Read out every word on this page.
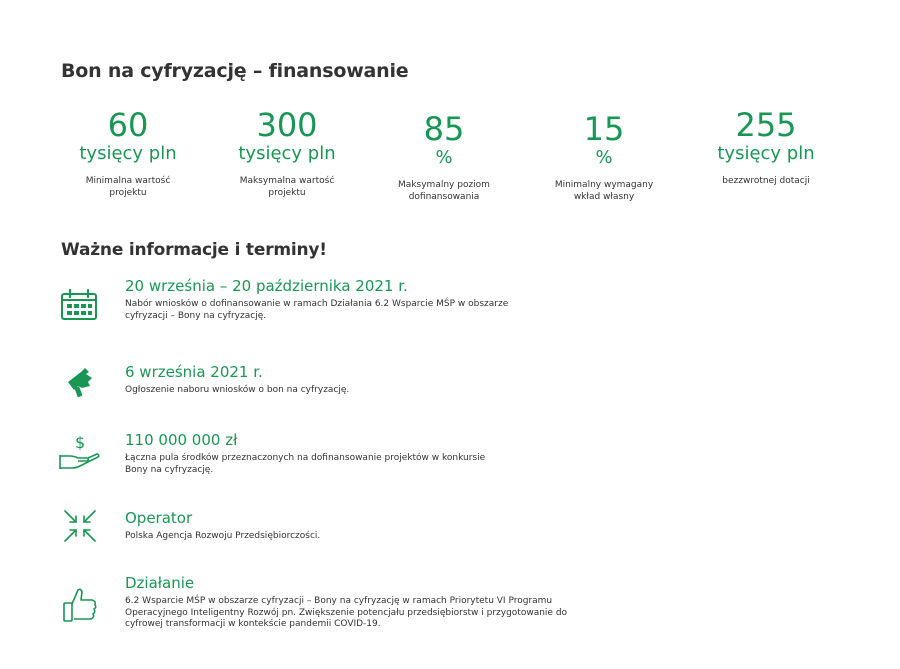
Bon na cyfryzację – finansowanie
60
tysięcy pln
Minimalna wartość projektu
300
tysięcy pln
Maksymalna wartość projektu
85
%
Maksymalny poziom dofinansowania
15
%
Minimalny wymagany wkład własny
255
tysięcy pln
bezzwrotnej dotacji
Ważne informacje i terminy!
20 września – 20 października 2021 r.
Nabór wniosków o dofinansowanie w ramach Działania 6.2 Wsparcie MŚP w obszarze cyfryzacji – Bony na cyfryzację.
6 września 2021 r.
Ogłoszenie naboru wniosków o bon na cyfryzację.
$	110 000 000 zł
Łączna pula środków przeznaczonych na dofinansowanie projektów w konkursie Bony na cyfryzację.
Operator
Polska Agencja Rozwoju Przedsiębiorczości.
Działanie
6.2 Wsparcie MŚP w obszarze cyfryzacji – Bony na cyfryzację w ramach Priorytetu VI Programu Operacyjnego Inteligentny Rozwój pn. Zwiększenie potencjału przedsiębiorstw i przygotowanie do cyfrowej transformacji w kontekście pandemii COVID-19.
